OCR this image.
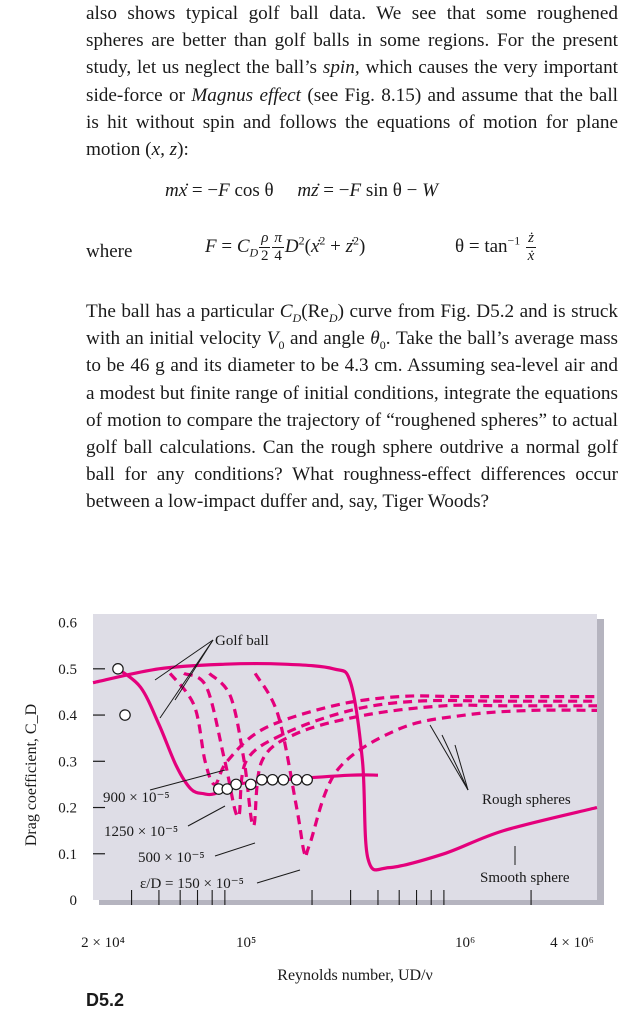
also shows typical golf ball data. We see that some roughened spheres are better than golf balls in some regions. For the present study, let us neglect the ball’s spin, which causes the very important side-force or Magnus effect (see Fig. 8.15) and assume that the ball is hit without spin and follows the equations of motion for plane motion (x, z):

mẋ = −F cos θ     mż = −F sin θ − W
where	$F = C_D \frac{\rho}{2} \frac{\pi}{4} D^2(x^2 + z^2)$	$\theta = \tan^{-1} \frac{ż}{ẋ}$

The ball has a particular $C_D(Re_D)$ curve from Fig. D5.2 and is struck with an initial velocity $V_0$ and angle $\theta_0$. Take the ball’s average mass to be 46 g and its diameter to be 4.3 cm. Assuming sea-level air and a modest but finite range of initial conditions, integrate the equations of motion to compare the trajectory of “roughened spheres” to actual golf ball calculations. Can the rough sphere outdrive a normal golf ball for any conditions? What roughness-effect differences occur between a low-impact duffer and, say, Tiger Woods?

0
0.1
0.2
0.3
0.4
0.5
0.6
2 × 10⁴	10⁵	10⁶	4 × 10⁶
Reynolds number, UD/ν
Drag coefficient, C_D
Golf ball
Rough spheres
Smooth sphere
900 × 10⁻⁵
1250 × 10⁻⁵
500 × 10⁻⁵
ε/D = 150 × 10⁻⁵
D5.2
